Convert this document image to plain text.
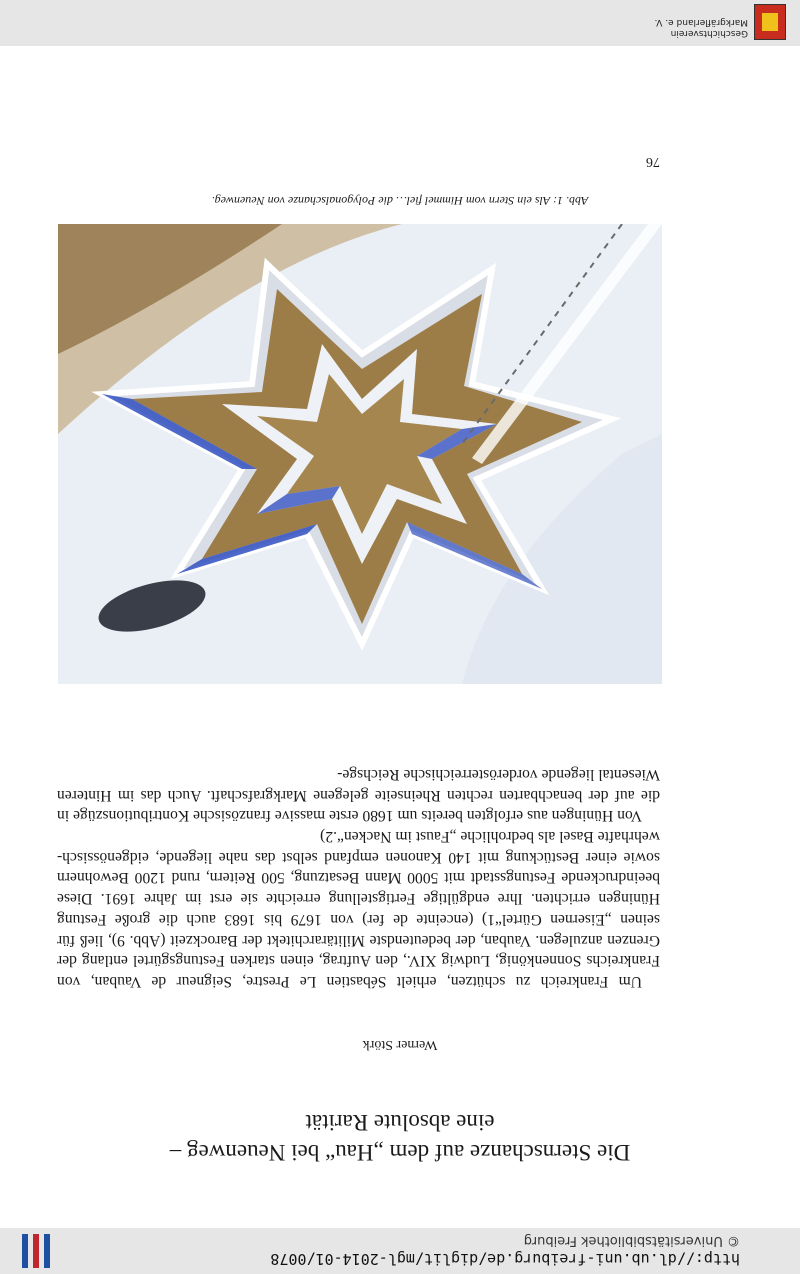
http://dl.ub.uni-freiburg.de/diglit/mgl-2014-01/0078
© Universitätsbibliothek Freiburg
Die Sternschanze auf dem „Hau“ bei Neuenweg –
eine absolute Rarität
Werner Störk

Um Frankreich zu schützen, erhielt Sébastien Le Prestre, Seigneur de Vauban, von Frankreichs Sonnenkönig, Ludwig XIV., den Auftrag, einen starken Festungsgürtel entlang der Grenzen anzulegen. Vauban, der bedeutendste Militärarchitekt der Barockzeit (Abb. 9), ließ für seinen „Eisernen Gürtel“1) (enceinte de fer) von 1679 bis 1683 auch die große Festung Hüningen errichten. Ihre endgültige Fertigstellung erreichte sie erst im Jahre 1691. Diese beeindruckende Festungsstadt mit 5000 Mann Besatzung, 500 Reitern, rund 1200 Bewohnern sowie einer Bestückung mit 140 Kanonen empfand selbst das nahe liegende, eidgenössisch-wehrhafte Basel als bedrohliche „Faust im Nacken“.2)

Von Hüningen aus erfolgten bereits um 1680 erste massive französische Kontributionszüge in die auf der benachbarten rechten Rheinseite gelegene Markgrafschaft. Auch das im Hinteren Wiesental liegende vorderösterreichische Reichsge-

Abb. 1: Als ein Stern vom Himmel fiel… die Polygonalschanze von Neuenweg.
76
Geschichtsverein
Markgräflerland e. V.
